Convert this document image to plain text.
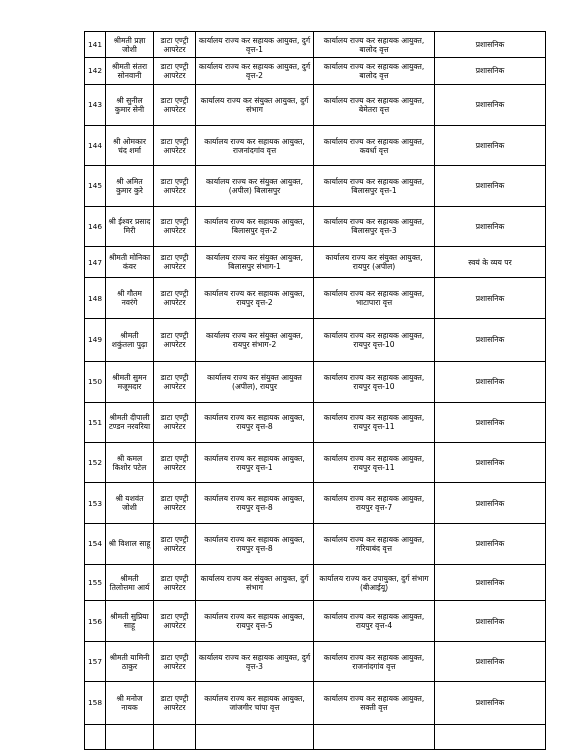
141	श्रीमती प्रज्ञा जोशी	डाटा एण्ट्री आपरेटर	कार्यालय राज्य कर सहायक आयुक्त, दुर्ग वृत्त-1	कार्यालय राज्य कर सहायक आयुक्त, बालोद वृत्त	प्रशासनिक
142	श्रीमती संतरा सोनवानी	डाटा एण्ट्री आपरेटर	कार्यालय राज्य कर सहायक आयुक्त, दुर्ग वृत्त-2	कार्यालय राज्य कर सहायक आयुक्त, बालोद वृत्त	प्रशासनिक
143	श्री सुनील कुमार सेनी	डाटा एण्ट्री आपरेटर	कार्यालय राज्य कर संयुक्त आयुक्त, दुर्ग संभाग	कार्यालय राज्य कर सहायक आयुक्त, बेमेतरा वृत्त	प्रशासनिक
144	श्री ओमकार चंद शर्मा	डाटा एण्ट्री आपरेटर	कार्यालय राज्य कर सहायक आयुक्त, राजनांदगांव वृत्त	कार्यालय राज्य कर सहायक आयुक्त, कवर्धा वृत्त	प्रशासनिक
145	श्री अमित कुमार कुरे	डाटा एण्ट्री आपरेटर	कार्यालय राज्य कर संयुक्त आयुक्त, (अपील) बिलासपुर	कार्यालय राज्य कर सहायक आयुक्त, बिलासपुर वृत्त-1	प्रशासनिक
146	श्री ईश्वर प्रसाद मिरी	डाटा एण्ट्री आपरेटर	कार्यालय राज्य कर सहायक आयुक्त, बिलासपुर वृत्त-2	कार्यालय राज्य कर सहायक आयुक्त, बिलासपुर वृत्त-3	प्रशासनिक
147	श्रीमती मोनिका कंवर	डाटा एण्ट्री आपरेटर	कार्यालय राज्य कर संयुक्त आयुक्त, बिलासपुर संभाग-1	कार्यालय राज्य कर संयुक्त आयुक्त, रायपुर (अपील)	स्वयं के व्यय पर
148	श्री गौतम नवरंगे	डाटा एण्ट्री आपरेटर	कार्यालय राज्य कर सहायक आयुक्त, रायपुर वृत्त-2	कार्यालय राज्य कर सहायक आयुक्त, भाटापारा वृत्त	प्रशासनिक
149	श्रीमती शकुंतला पुढ़ा	डाटा एण्ट्री आपरेटर	कार्यालय राज्य कर संयुक्त आयुक्त, रायपुर संभाग-2	कार्यालय राज्य कर सहायक आयुक्त, रायपुर वृत्त-10	प्रशासनिक
150	श्रीमती सुमन मजूमदार	डाटा एण्ट्री आपरेटर	कार्यालय राज्य कर संयुक्त आयुक्त (अपील), रायपुर	कार्यालय राज्य कर सहायक आयुक्त, रायपुर वृत्त-10	प्रशासनिक
151	श्रीमती दीपाली टण्डन नरवरिया	डाटा एण्ट्री आपरेटर	कार्यालय राज्य कर सहायक आयुक्त, रायपुर वृत्त-8	कार्यालय राज्य कर सहायक आयुक्त, रायपुर वृत्त-11	प्रशासनिक
152	श्री कमल किशोर पटेल	डाटा एण्ट्री आपरेटर	कार्यालय राज्य कर सहायक आयुक्त, रायपुर वृत्त-1	कार्यालय राज्य कर सहायक आयुक्त, रायपुर वृत्त-11	प्रशासनिक
153	श्री यशवंत जोशी	डाटा एण्ट्री आपरेटर	कार्यालय राज्य कर सहायक आयुक्त, रायपुर वृत्त-8	कार्यालय राज्य कर सहायक आयुक्त, रायपुर वृत्त-7	प्रशासनिक
154	श्री विशाल साहू	डाटा एण्ट्री आपरेटर	कार्यालय राज्य कर सहायक आयुक्त, रायपुर वृत्त-8	कार्यालय राज्य कर सहायक आयुक्त, गरियाबंद वृत्त	प्रशासनिक
155	श्रीमती तिलोत्तमा आर्य	डाटा एण्ट्री आपरेटर	कार्यालय राज्य कर संयुक्त आयुक्त, दुर्ग संभाग	कार्यालय राज्य कर उपायुक्त, दुर्ग संभाग (बीआईयू)	प्रशासनिक
156	श्रीमती सुप्रिया साहू	डाटा एण्ट्री आपरेटर	कार्यालय राज्य कर सहायक आयुक्त, रायपुर वृत्त-5	कार्यालय राज्य कर सहायक आयुक्त, रायपुर वृत्त-4	प्रशासनिक
157	श्रीमती यामिनी ठाकुर	डाटा एण्ट्री आपरेटर	कार्यालय राज्य कर सहायक आयुक्त, दुर्ग वृत्त-3	कार्यालय राज्य कर सहायक आयुक्त, राजनांदगांव वृत्त	प्रशासनिक
158	श्री मनोज नायक	डाटा एण्ट्री आपरेटर	कार्यालय राज्य कर सहायक आयुक्त, जांजगीर चांपा वृत्त	कार्यालय राज्य कर सहायक आयुक्त, सक्ती वृत्त	प्रशासनिक
